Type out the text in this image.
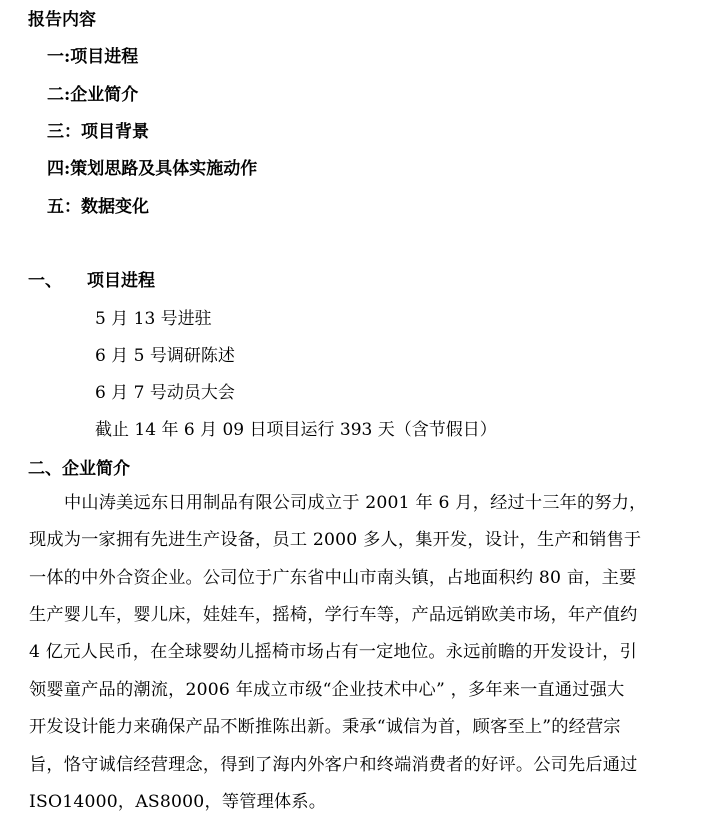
报告内容
一:项目进程
二:企业简介
三：项目背景
四:策划思路及具体实施动作
五：数据变化
一、 项目进程
5 月 13 号进驻
6 月 5 号调研陈述
6 月 7 号动员大会
截止 14 年 6 月 09 日项目运行 393 天（含节假日）
二、企业简介
中山涛美远东日用制品有限公司成立于 2001 年 6 月，经过十三年的努力，
现成为一家拥有先进生产设备，员工 2000 多人，集开发，设计，生产和销售于
一体的中外合资企业。公司位于广东省中山市南头镇，占地面积约 80 亩，主要
生产婴儿车，婴儿床，娃娃车，摇椅，学行车等，产品远销欧美市场，年产值约
4 亿元人民币，在全球婴幼儿摇椅市场占有一定地位。永远前瞻的开发设计，引
领婴童产品的潮流，2006 年成立市级“企业技术中心” ，多年来一直通过强大
开发设计能力来确保产品不断推陈出新。秉承“诚信为首，顾客至上”的经营宗
旨，恪守诚信经营理念，得到了海内外客户和终端消费者的好评。公司先后通过
ISO14000，AS8000，等管理体系。
